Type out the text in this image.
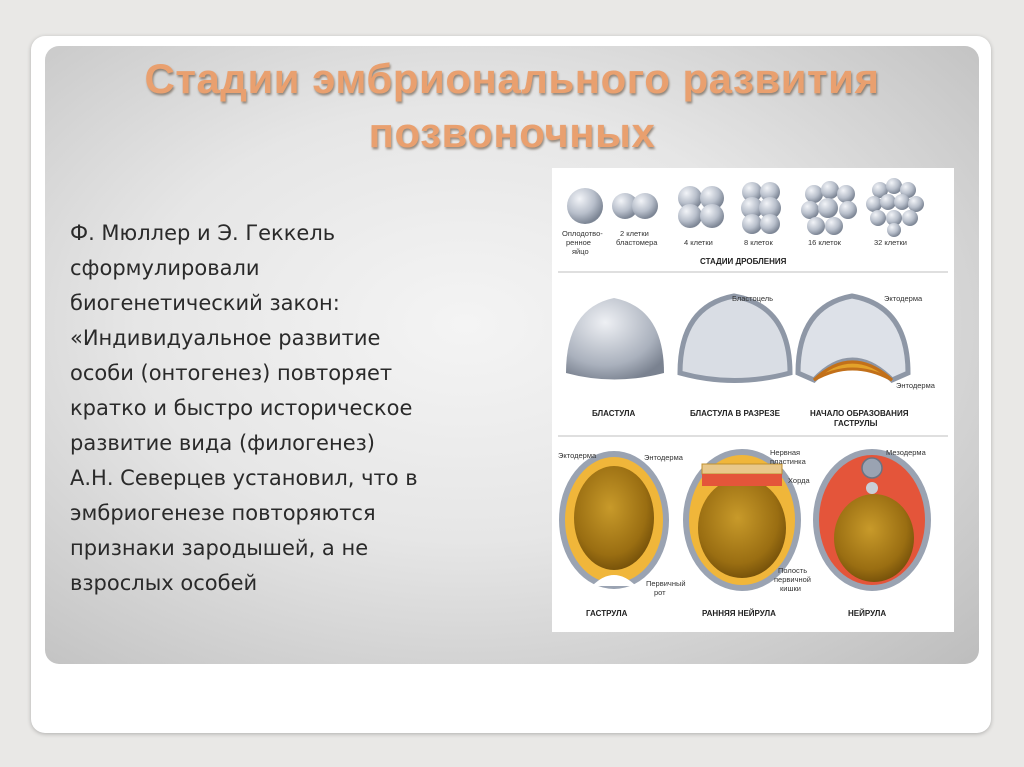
Стадии эмбрионального развития
позвоночных

Ф. Мюллер и Э. Геккель
сформулировали
биогенетический закон:
«Индивидуальное развитие
особи (онтогенез) повторяет
кратко и быстро историческое
развитие вида (филогенез)
А.Н. Северцев установил, что в
эмбриогенезе повторяются
признаки зародышей, а не
взрослых особей

Оплодотво-
ренное
яйцо
2 клетки
бластомера	4 клетки	8 клеток	16 клеток	32 клетки
СТАДИИ ДРОБЛЕНИЯ
Бластоцель	Эктодерма
Энтодерма
БЛАСТУЛА	БЛАСТУЛА В РАЗРЕЗЕ	НАЧАЛО ОБРАЗОВАНИЯ
ГАСТРУЛЫ
Эктодерма	Энтодерма
Нервная
пластинка
Хорда
Мезодерма
Первичный
рот
Полость
первичной
кишки
ГАСТРУЛА	РАННЯЯ НЕЙРУЛА	НЕЙРУЛА
